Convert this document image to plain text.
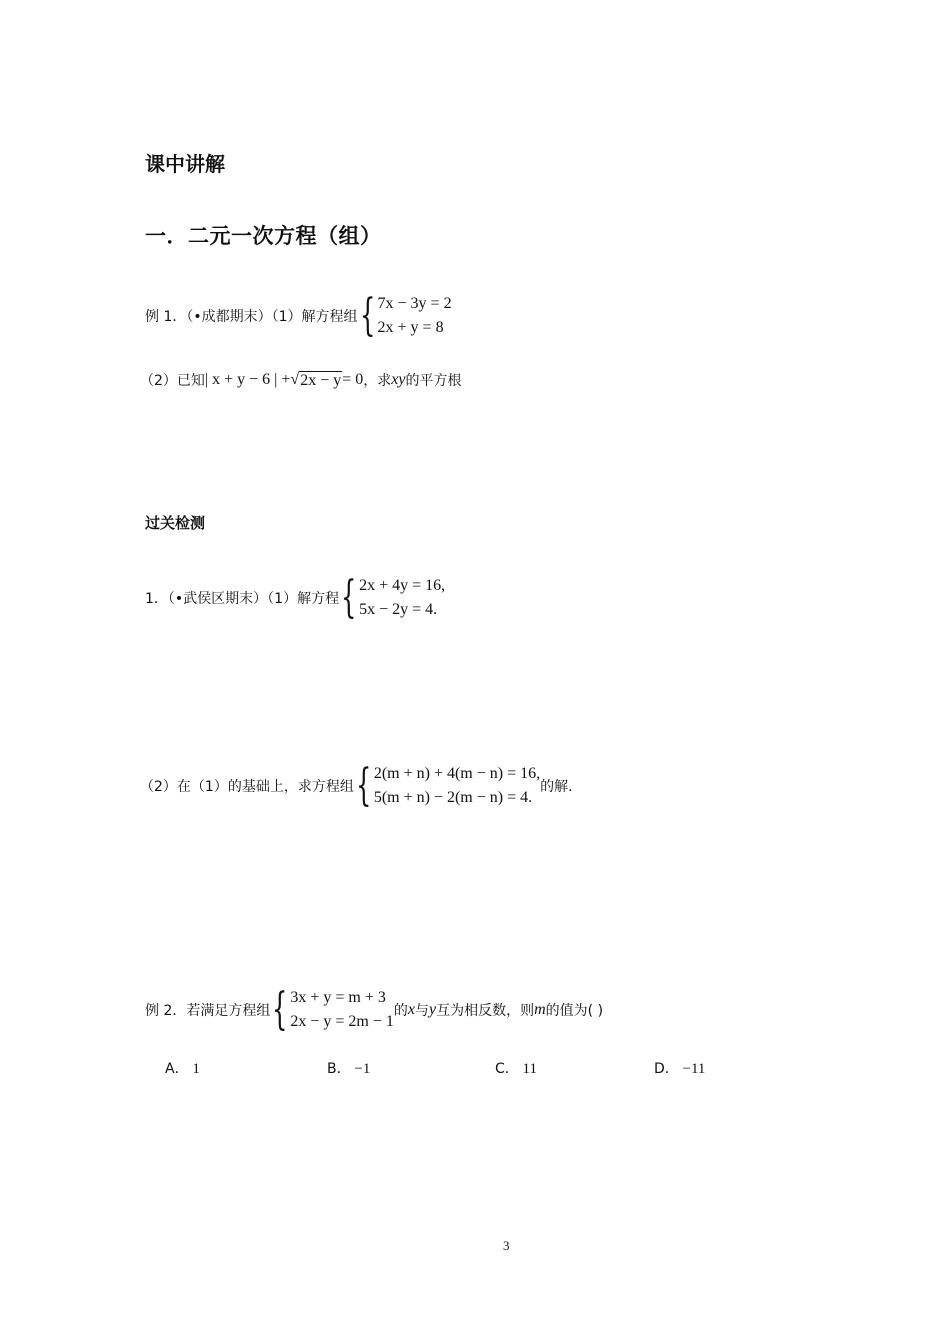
课中讲解
一．二元一次方程（组）
例 1．（•成都期末）（1）解方程组 { 7x − 3y = 2
2x + y = 8
（2）已知 | x + y − 6 | + √ 2x − y = 0 ，求 xy 的平方根
过关检测
1．（•武侯区期末）（1）解方程 { 2x + 4y = 16,
5x − 2y = 4.
（2）在（1）的基础上，求方程组 { 2(m + n) + 4(m − n) = 16,
5(m + n) − 2(m − n) = 4.
的解．
例 2．若满足方程组 { 3x + y = m + 3
2x − y = 2m − 1
的 x 与 y 互为相反数，则 m 的值为( )
A． 1	B． −1	C． 11	D． −11
3
